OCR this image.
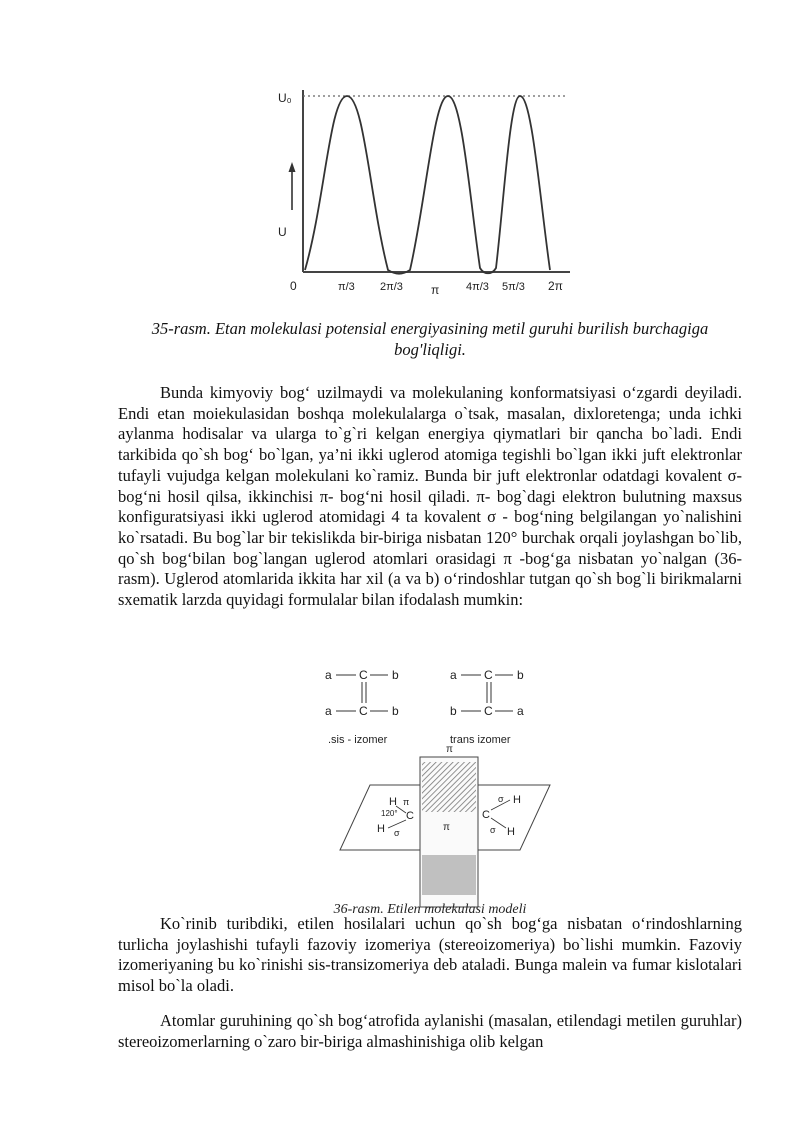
U₀
U
0	π/3 2π/3 π 4π/3 5π/3 2π
35-rasm. Etan molekulasi potensial energiyasining metil guruhi burilish burchagiga bog'liqligi.

Bunda kimyoviy bog‘ uzilmaydi va molekulaning konformatsiyasi o‘zgardi deyiladi. Endi etan moiekulasidan boshqa molekulalarga o`tsak, masalan, dixloretenga; unda ichki aylanma hodisalar va ularga to`g`ri kelgan energiya qiymatlari bir qancha bo`ladi. Endi tarkibida qo`sh bog‘ bo`lgan, ya’ni ikki uglerod atomiga tegishli bo`lgan ikki juft elektronlar tufayli vujudga kelgan molekulani ko`ramiz. Bunda bir juft elektronlar odatdagi kovalent σ-bog‘ni hosil qilsa, ikkinchisi π- bog‘ni hosil qiladi. π- bog`dagi elektron bulutning maxsus konfiguratsiyasi ikki uglerod atomidagi 4 ta kovalent σ - bog‘ning belgilangan yo`nalishini ko`rsatadi. Bu bog`lar bir tekislikda bir-biriga nisbatan 120° burchak orqali joylashgan bo`lib, qo`sh bog‘bilan bog`langan uglerod atomlari orasidagi π -bog‘ga nisbatan yo`nalgan (36-rasm). Uglerod atomlarida ikkita har xil (a va b) o‘rindoshlar tutgan qo`sh bog`li birikmalarni sxematik larzda quyidagi formulalar bilan ifodalash mumkin:

a C b
a C b
.sis - izomer
a C b
b C a
trans izomer
π
H π
120° C
H σ	π
C
σ H
σ H
36-rasm. Etilen molekulasi modeli

Ko`rinib turibdiki, etilen hosilalari uchun qo`sh bog‘ga nisbatan o‘rindoshlarning turlicha joylashishi tufayli fazoviy izomeriya (stereoizomeriya) bo`lishi mumkin. Fazoviy izomeriyaning bu ko`rinishi sis-transizomeriya deb ataladi. Bunga malein va fumar kislotalari misol bo`la oladi.

Atomlar guruhining qo`sh bog‘atrofida aylanishi (masalan, etilendagi metilen guruhlar) stereoizomerlarning o`zaro bir-biriga almashinishiga olib kelgan
